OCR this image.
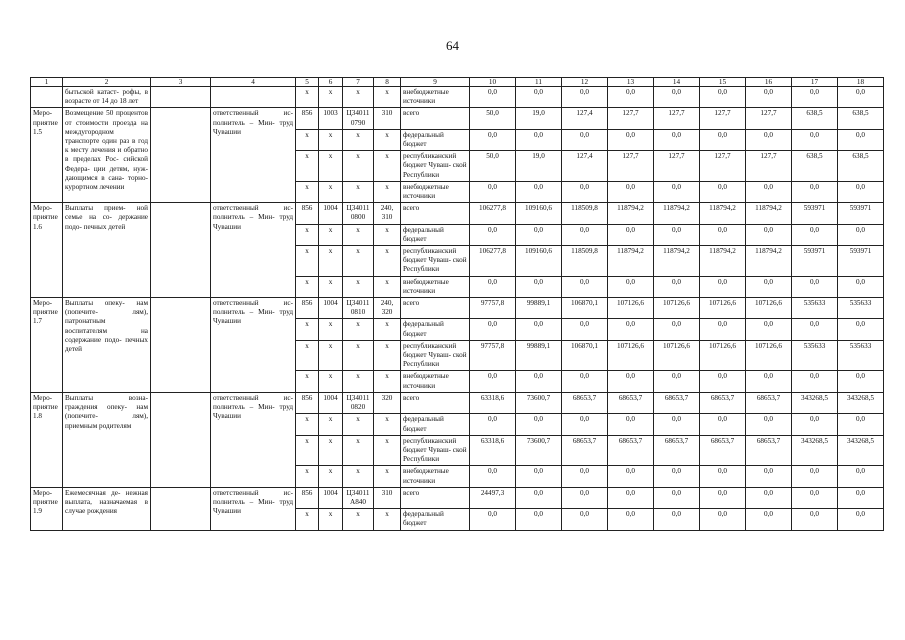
64
1	2	3	4	5	6	7	8	9	10	11	12	13	14	15	16	17	18
	бытьской катаст- рофы, в возрасте от 14 до 18 лет			х	х	х	х	внебюджетные источники	0,0	0,0	0,0	0,0	0,0	0,0	0,0	0,0	0,0
Меро- приятие 1.5	Возмещение 50 процентов от стоимости проезда на междугородном транспорте один раз в год к месту лечения и обратно в пределах Рос- сийской Федера- ции детям, нуж- дающимся в сана- торно-курортном лечении		ответственный ис- полнитель – Мин- труд Чувашии	856	1003	Ц34011 0790	310	всего	50,0	19,0	127,4	127,7	127,7	127,7	127,7	638,5	638,5
				х	х	х	х	федеральный бюджет	0,0	0,0	0,0	0,0	0,0	0,0	0,0	0,0	0,0
				х	х	х	х	республиканский бюджет Чуваш- ской Республики	50,0	19,0	127,4	127,7	127,7	127,7	127,7	638,5	638,5
				х	х	х	х	внебюджетные источники	0,0	0,0	0,0	0,0	0,0	0,0	0,0	0,0	0,0
Меро- приятие 1.6	Выплаты прием- ной семье на со- держание подо- печных детей		ответственный ис- полнитель – Мин- труд Чувашии	856	1004	Ц34011 0800	240, 310	всего	106277,8	109160,6	118509,8	118794,2	118794,2	118794,2	118794,2	593971	593971
				х	х	х	х	федеральный бюджет	0,0	0,0	0,0	0,0	0,0	0,0	0,0	0,0	0,0
				х	х	х	х	республиканский бюджет Чуваш- ской Республики	106277,8	109160,6	118509,8	118794,2	118794,2	118794,2	118794,2	593971	593971
				х	х	х	х	внебюджетные источники	0,0	0,0	0,0	0,0	0,0	0,0	0,0	0,0	0,0
Меро- приятие 1.7	Выплаты опеку- нам (попечите- лям), патронатным воспитателям на содержание подо- печных детей		ответственный ис- полнитель – Мин- труд Чувашии	856	1004	Ц34011 0810	240, 320	всего	97757,8	99889,1	106870,1	107126,6	107126,6	107126,6	107126,6	535633	535633
				х	х	х	х	федеральный бюджет	0,0	0,0	0,0	0,0	0,0	0,0	0,0	0,0	0,0
				х	х	х	х	республиканский бюджет Чуваш- ской Республики	97757,8	99889,1	106870,1	107126,6	107126,6	107126,6	107126,6	535633	535633
				х	х	х	х	внебюджетные источники	0,0	0,0	0,0	0,0	0,0	0,0	0,0	0,0	0,0
Меро- приятие 1.8	Выплаты возна- граждения опеку- нам (попечите- лям), приемным родителям		ответственный ис- полнитель – Мин- труд Чувашии	856	1004	Ц34011 0820	320	всего	63318,6	73600,7	68653,7	68653,7	68653,7	68653,7	68653,7	343268,5	343268,5
				х	х	х	х	федеральный бюджет	0,0	0,0	0,0	0,0	0,0	0,0	0,0	0,0	0,0
				х	х	х	х	республиканский бюджет Чуваш- ской Республики	63318,6	73600,7	68653,7	68653,7	68653,7	68653,7	68653,7	343268,5	343268,5
				х	х	х	х	внебюджетные источники	0,0	0,0	0,0	0,0	0,0	0,0	0,0	0,0	0,0
Меро- приятие 1.9	Ежемесячная де- нежная выплата, назначаемая в случае рождения		ответственный ис- полнитель – Мин- труд Чувашии	856	1004	Ц34011 А840	310	всего	24497,3	0,0	0,0	0,0	0,0	0,0	0,0	0,0	0,0
				х	х	х	х	федеральный бюджет	0,0	0,0	0,0	0,0	0,0	0,0	0,0	0,0	0,0
